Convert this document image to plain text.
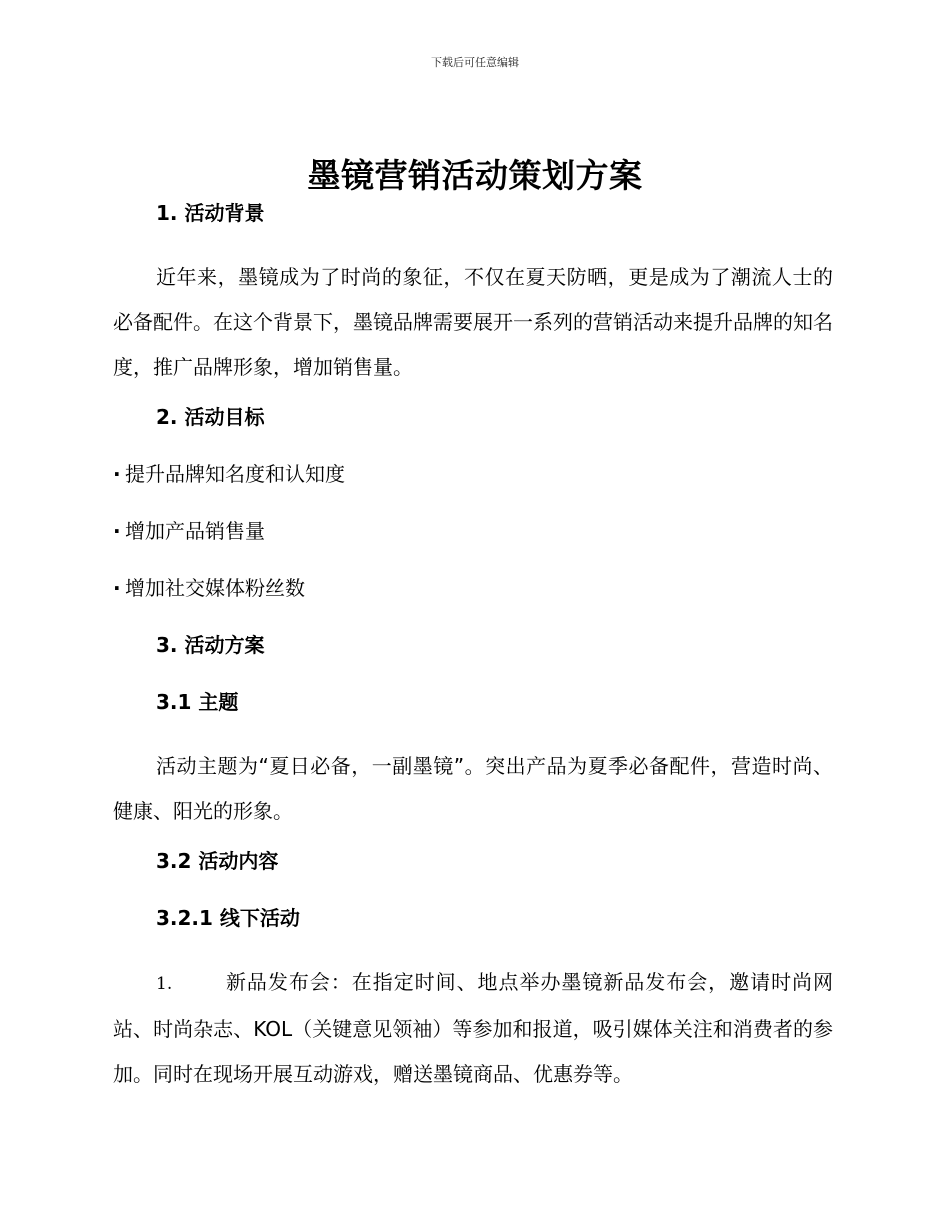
下载后可任意编辑
墨镜营销活动策划方案
1. 活动背景
近年来，墨镜成为了时尚的象征，不仅在夏天防晒，更是成为了潮流人士的必备配件。在这个背景下，墨镜品牌需要展开一系列的营销活动来提升品牌的知名度，推广品牌形象，增加销售量。
2. 活动目标
· 提升品牌知名度和认知度
· 增加产品销售量
· 增加社交媒体粉丝数
3. 活动方案
3.1 主题
活动主题为“夏日必备，一副墨镜”。突出产品为夏季必备配件，营造时尚、健康、阳光的形象。
3.2 活动内容
3.2.1 线下活动
1.	新品发布会：在指定时间、地点举办墨镜新品发布会，邀请时尚网站、时尚杂志、KOL（关键意见领袖）等参加和报道，吸引媒体关注和消费者的参加。同时在现场开展互动游戏，赠送墨镜商品、优惠券等。
